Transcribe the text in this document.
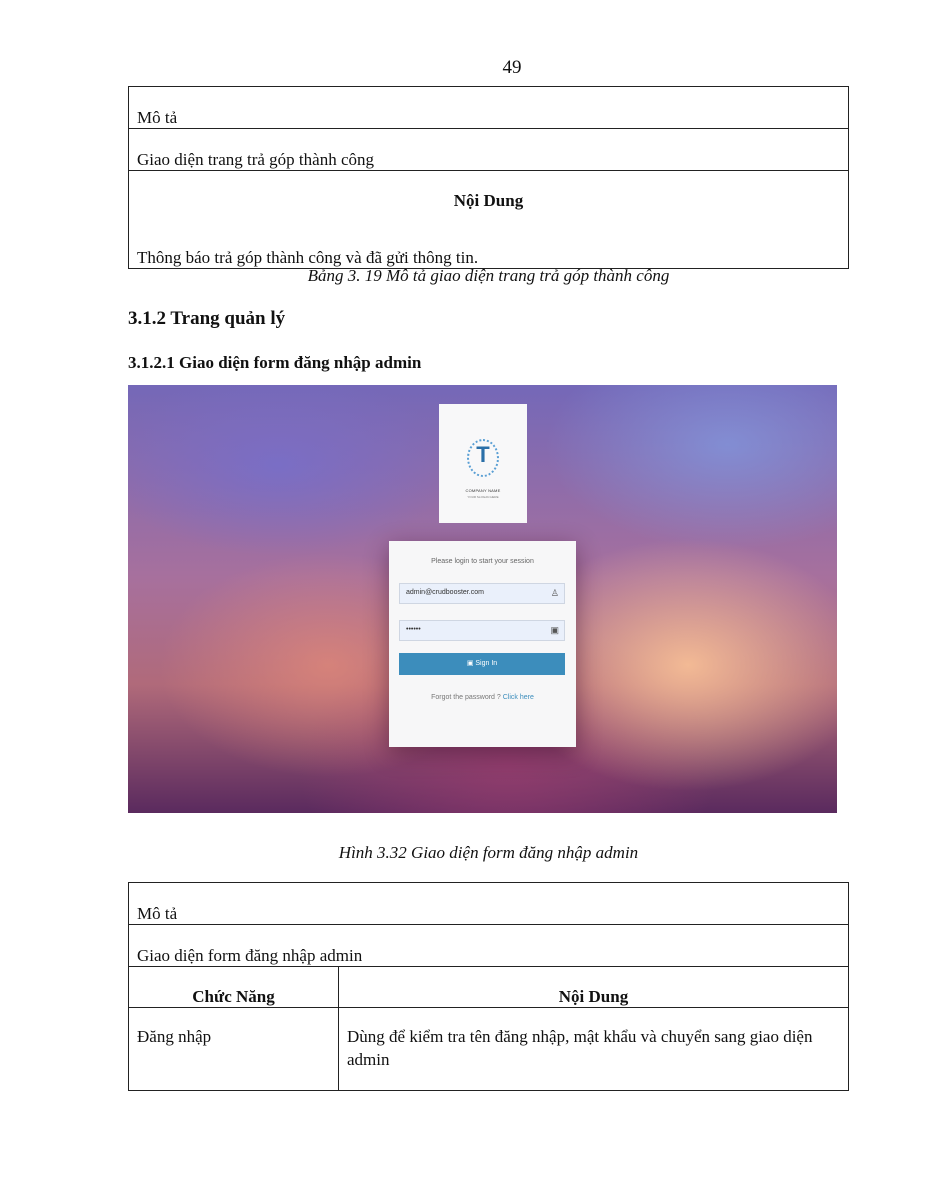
49
Mô tả
Giao diện trang trả góp thành công

Nội Dung
Thông báo trả góp thành công và đã gửi thông tin.
Bảng 3. 19 Mô tả giao diện trang trả góp thành công
3.1.2 Trang quản lý
3.1.2.1 Giao diện form đăng nhập admin
T
COMPANY NAME
YOUR SLOGAN HERE
Please login to start your session
admin@crudbooster.com	♙
••••••	▣
▣ Sign In
Forgot the password ? Click here
Hình 3.32 Giao diện form đăng nhập admin
Mô tả	
Giao diện form đăng nhập admin	
Chức Năng	Nội Dung
Đăng nhập	Dùng để kiểm tra tên đăng nhập, mật khẩu và chuyển sang giao diện admin
